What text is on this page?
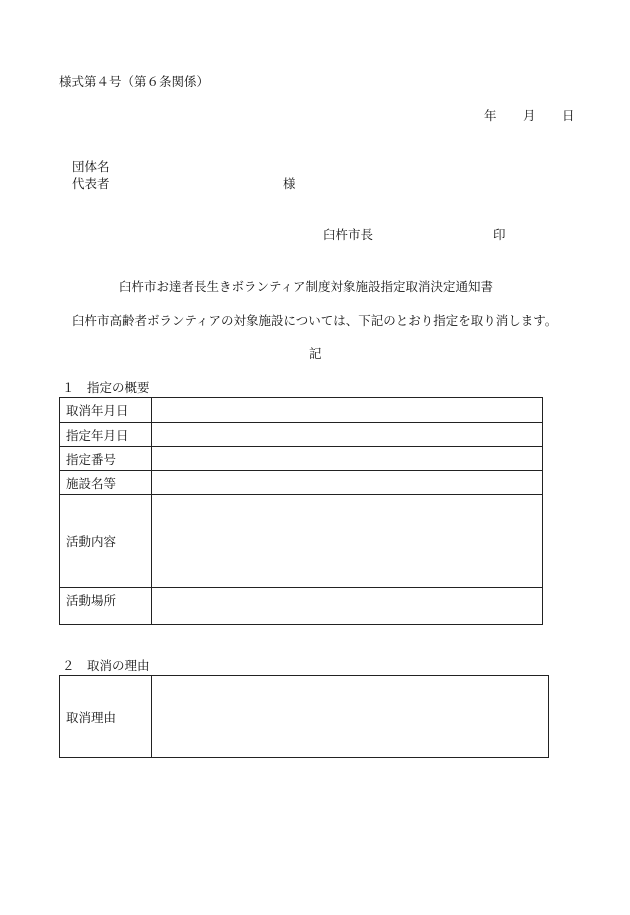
様式第４号（第６条関係）
年 月 日
団体名
代表者	様
臼杵市長	印
臼杵市お達者長生きボランティア制度対象施設指定取消決定通知書
臼杵市高齢者ボランティアの対象施設については、下記のとおり指定を取り消します。
記
１　指定の概要
取消年月日	
指定年月日	
指定番号	
施設名等	
活動内容	
活動場所	
２　取消の理由
取消理由	
